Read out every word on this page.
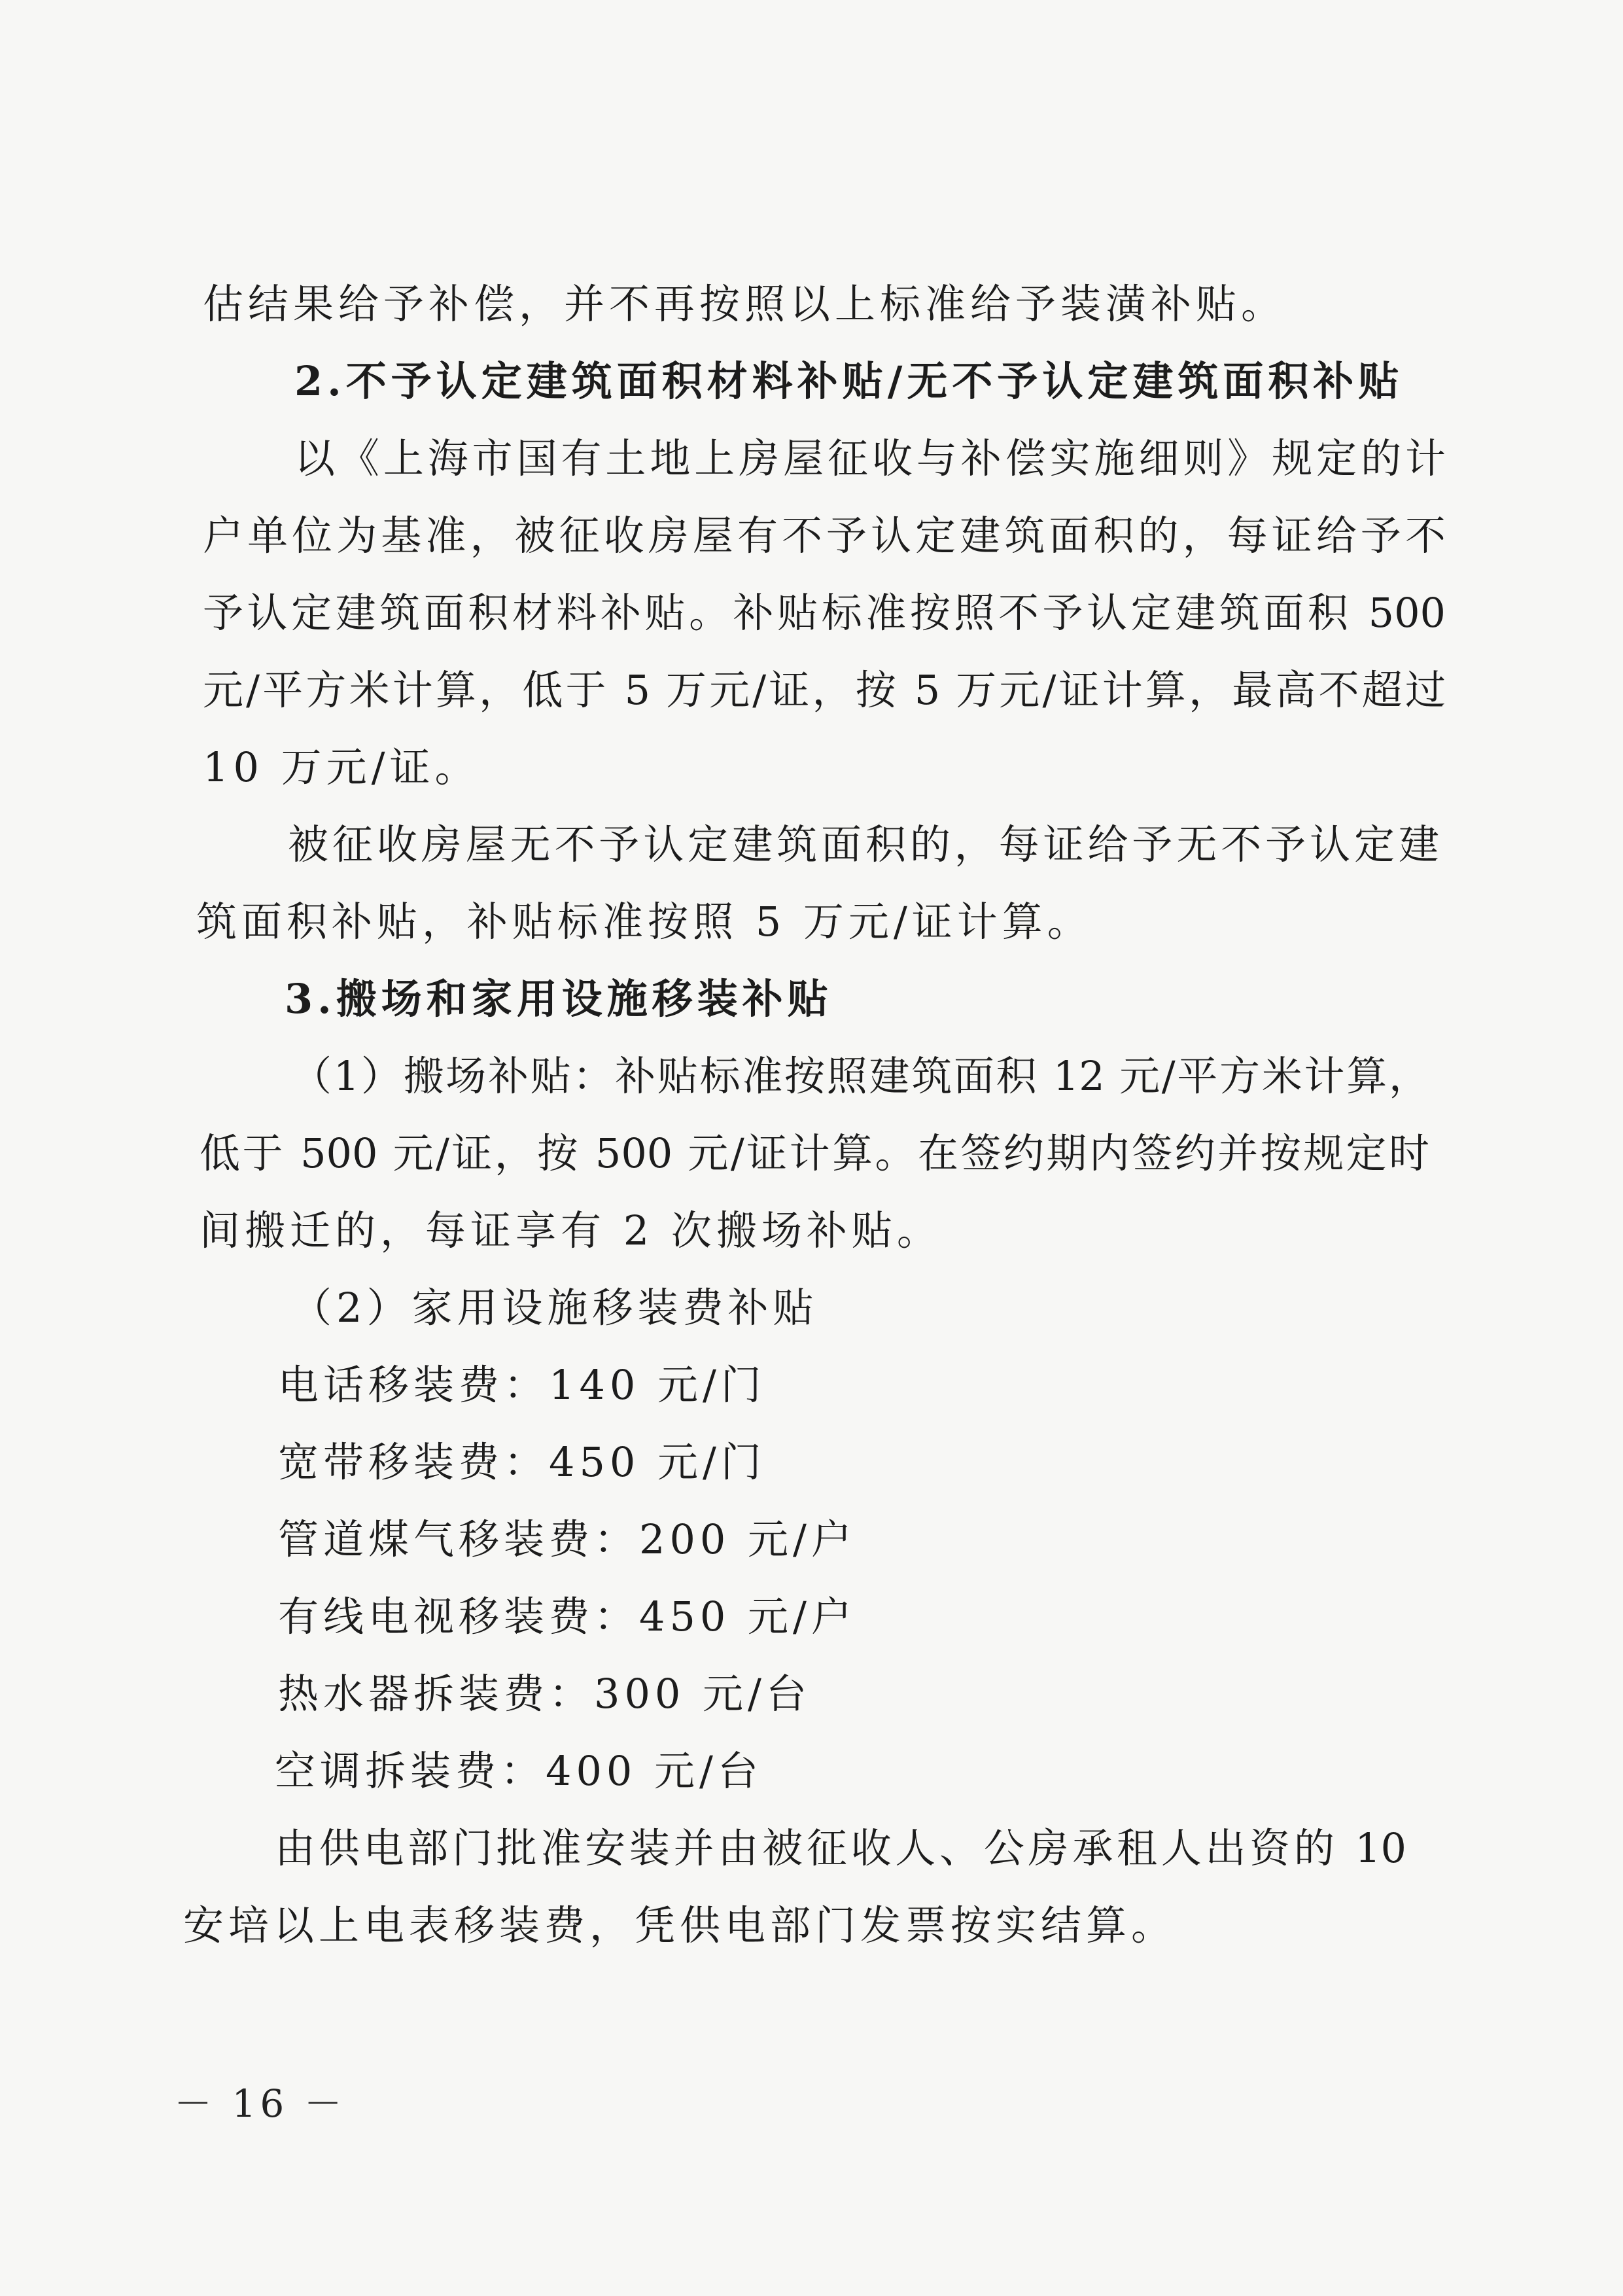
估结果给予补偿，并不再按照以上标准给予装潢补贴。
2.不予认定建筑面积材料补贴/无不予认定建筑面积补贴
以《上海市国有土地上房屋征收与补偿实施细则》规定的计
户单位为基准，被征收房屋有不予认定建筑面积的，每证给予不
予认定建筑面积材料补贴。补贴标准按照不予认定建筑面积 500
元/平方米计算，低于 5 万元/证，按 5 万元/证计算，最高不超过
10 万元/证。
被征收房屋无不予认定建筑面积的，每证给予无不予认定建
筑面积补贴，补贴标准按照 5 万元/证计算。
3.搬场和家用设施移装补贴
（1）搬场补贴：补贴标准按照建筑面积 12 元/平方米计算，
低于 500 元/证，按 500 元/证计算。在签约期内签约并按规定时
间搬迁的，每证享有 2 次搬场补贴。
（2）家用设施移装费补贴
电话移装费：140 元/门
宽带移装费：450 元/门
管道煤气移装费：200 元/户
有线电视移装费：450 元/户
热水器拆装费：300 元/台
空调拆装费：400 元/台
由供电部门批准安装并由被征收人、公房承租人出资的 10
安培以上电表移装费，凭供电部门发票按实结算。
－ 16 －
